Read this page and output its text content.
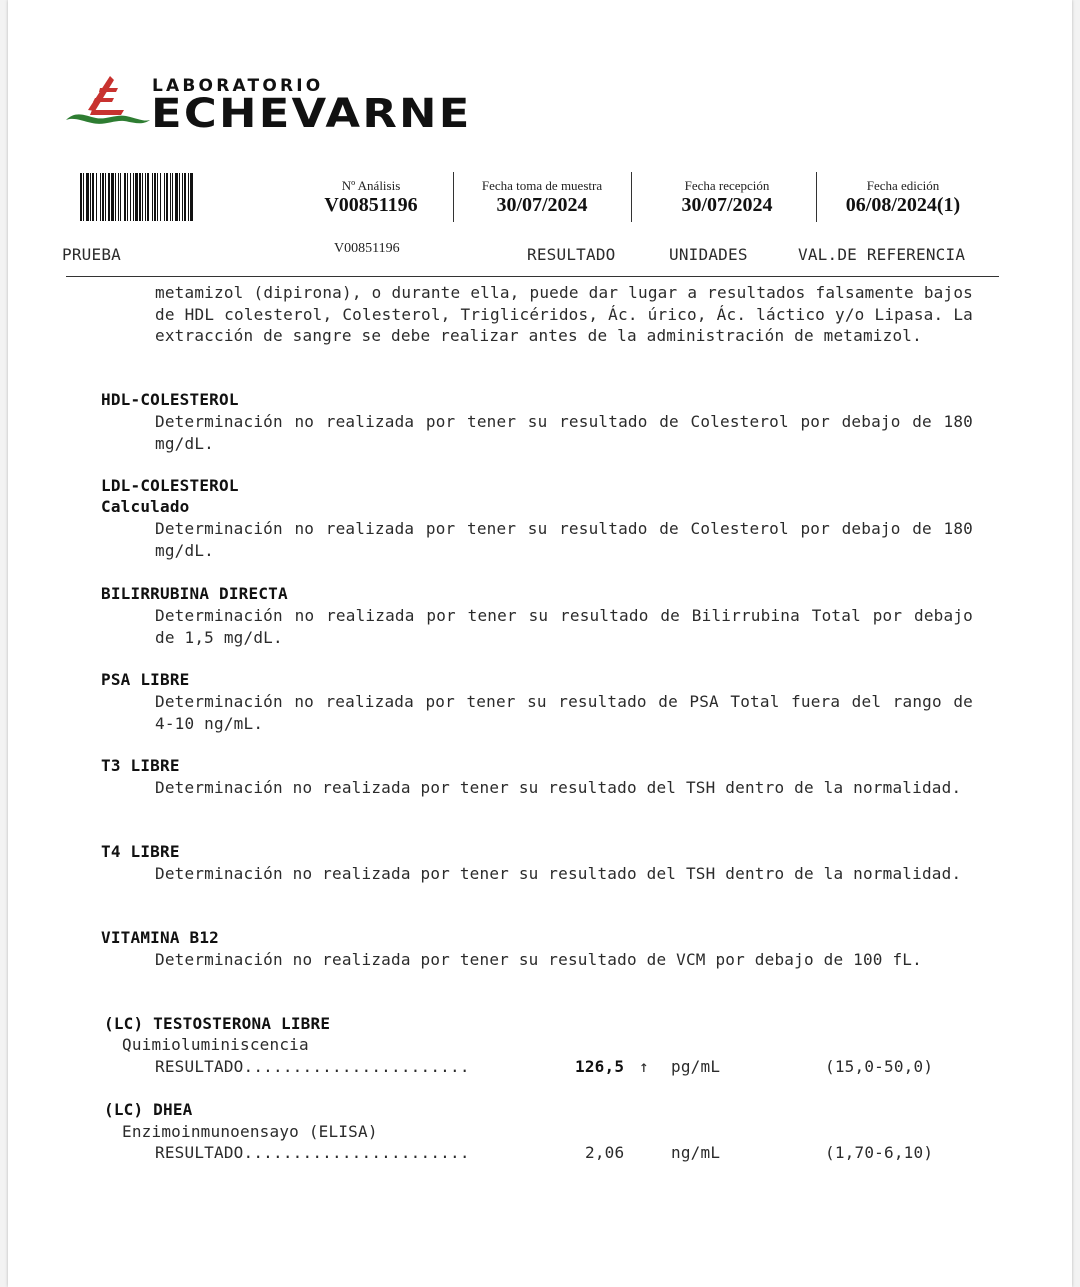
LABORATORIO
ECHEVARNE
Nº Análisis
V00851196
Fecha toma de muestra
30/07/2024
Fecha recepción
30/07/2024
Fecha edición
06/08/2024(1)
PRUEBA	V00851196	RESULTADO	UNIDADES	VAL.DE REFERENCIA
metamizol (dipirona), o durante ella, puede dar lugar a resultados falsamente bajos de HDL colesterol, Colesterol, Triglicéridos, Ác. úrico, Ác. láctico y/o Lipasa. La extracción de sangre se debe realizar antes de la administración de metamizol.
HDL-COLESTEROL
Determinación no realizada por tener su resultado de Colesterol por debajo de 180 mg/dL.
LDL-COLESTEROL
Calculado
Determinación no realizada por tener su resultado de Colesterol por debajo de 180 mg/dL.
BILIRRUBINA DIRECTA
Determinación no realizada por tener su resultado de Bilirrubina Total por debajo de 1,5 mg/dL.
PSA LIBRE
Determinación no realizada por tener su resultado de PSA Total fuera del rango de 4-10 ng/mL.
T3 LIBRE
Determinación no realizada por tener su resultado del TSH dentro de la normalidad.
T4 LIBRE
Determinación no realizada por tener su resultado del TSH dentro de la normalidad.
VITAMINA B12
Determinación no realizada por tener su resultado de VCM por debajo de 100 fL.
(LC) TESTOSTERONA LIBRE
Quimioluminiscencia
RESULTADO.......................	126,5 ↑ pg/mL	(15,0-50,0)
(LC) DHEA
Enzimoinmunoensayo (ELISA)
RESULTADO.......................	2,06	ng/mL	(1,70-6,10)
